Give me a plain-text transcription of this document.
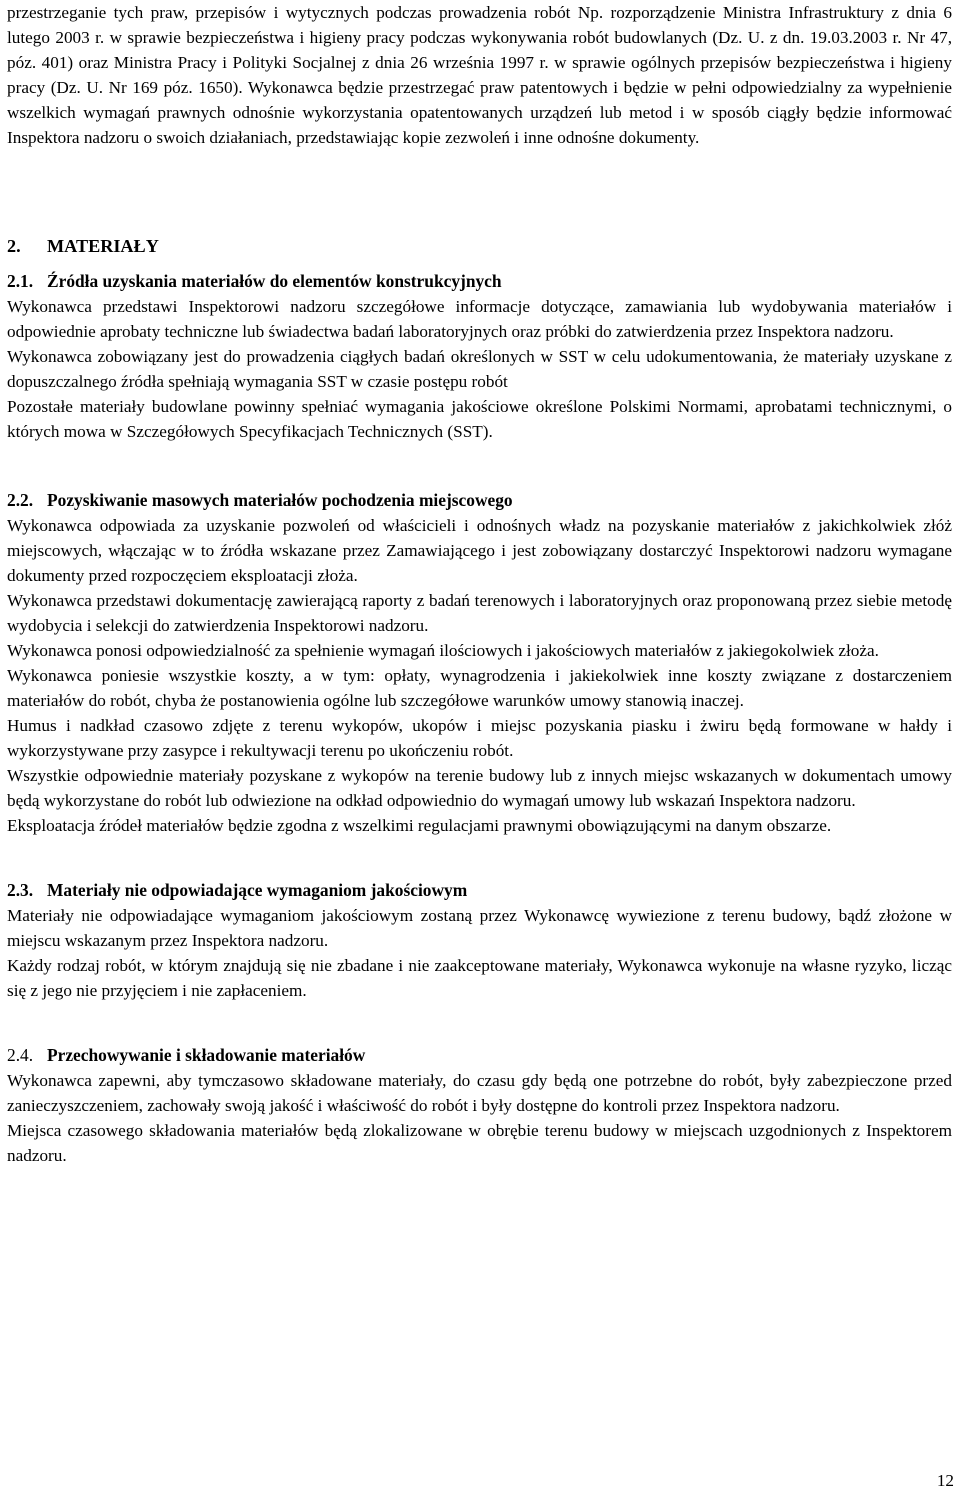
przestrzeganie tych praw, przepisów i wytycznych podczas prowadzenia robót Np. rozporządzenie Ministra Infrastruktury z dnia 6 lutego 2003 r. w sprawie bezpieczeństwa i higieny pracy podczas wykonywania robót budowlanych (Dz. U. z dn. 19.03.2003 r. Nr 47, póz. 401) oraz Ministra Pracy i Polityki Socjalnej z dnia 26 września 1997 r. w sprawie ogólnych przepisów bezpieczeństwa i higieny pracy (Dz. U. Nr 169 póz. 1650). Wykonawca będzie przestrzegać praw patentowych i będzie w pełni odpowiedzialny za wypełnienie wszelkich wymagań prawnych odnośnie wykorzystania opatentowanych urządzeń lub metod i w sposób ciągły będzie informować Inspektora nadzoru o swoich działaniach, przedstawiając kopie zezwoleń i inne odnośne dokumenty.

2. MATERIAŁY
2.1. Źródła uzyskania materiałów do elementów konstrukcyjnych

Wykonawca przedstawi Inspektorowi nadzoru szczegółowe informacje dotyczące, zamawiania lub wydobywania materiałów i odpowiednie aprobaty techniczne lub świadectwa badań laboratoryjnych oraz próbki do zatwierdzenia przez Inspektora nadzoru.

Wykonawca zobowiązany jest do prowadzenia ciągłych badań określonych w SST w celu udokumentowania, że materiały uzyskane z dopuszczalnego źródła spełniają wymagania SST w czasie postępu robót

Pozostałe materiały budowlane powinny spełniać wymagania jakościowe określone Polskimi Normami, aprobatami technicznymi, o których mowa w Szczegółowych Specyfikacjach Technicznych (SST).

2.2. Pozyskiwanie masowych materiałów pochodzenia miejscowego

Wykonawca odpowiada za uzyskanie pozwoleń od właścicieli i odnośnych władz na pozyskanie materiałów z jakichkolwiek złóż miejscowych, włączając w to źródła wskazane przez Zamawiającego i jest zobowiązany dostarczyć Inspektorowi nadzoru wymagane dokumenty przed rozpoczęciem eksploatacji złoża.

Wykonawca przedstawi dokumentację zawierającą raporty z badań terenowych i laboratoryjnych oraz proponowaną przez siebie metodę wydobycia i selekcji do zatwierdzenia Inspektorowi nadzoru.

Wykonawca ponosi odpowiedzialność za spełnienie wymagań ilościowych i jakościowych materiałów z jakiegokolwiek złoża.

Wykonawca poniesie wszystkie koszty, a w tym: opłaty, wynagrodzenia i jakiekolwiek inne koszty związane z dostarczeniem materiałów do robót, chyba że postanowienia ogólne lub szczegółowe warunków umowy stanowią inaczej.

Humus i nadkład czasowo zdjęte z terenu wykopów, ukopów i miejsc pozyskania piasku i żwiru będą formowane w hałdy i wykorzystywane przy zasypce i rekultywacji terenu po ukończeniu robót.

Wszystkie odpowiednie materiały pozyskane z wykopów na terenie budowy lub z innych miejsc wskazanych w dokumentach umowy będą wykorzystane do robót lub odwiezione na odkład odpowiednio do wymagań umowy lub wskazań Inspektora nadzoru.

Eksploatacja źródeł materiałów będzie zgodna z wszelkimi regulacjami prawnymi obowiązującymi na danym obszarze.

2.3. Materiały nie odpowiadające wymaganiom jakościowym

Materiały nie odpowiadające wymaganiom jakościowym zostaną przez Wykonawcę wywiezione z terenu budowy, bądź złożone w miejscu wskazanym przez Inspektora nadzoru.

Każdy rodzaj robót, w którym znajdują się nie zbadane i nie zaakceptowane materiały, Wykonawca wykonuje na własne ryzyko, licząc się z jego nie przyjęciem i nie zapłaceniem.

2.4. Przechowywanie i składowanie materiałów

Wykonawca zapewni, aby tymczasowo składowane materiały, do czasu gdy będą one potrzebne do robót, były zabezpieczone przed zanieczyszczeniem, zachowały swoją jakość i właściwość do robót i były dostępne do kontroli przez Inspektora nadzoru.

Miejsca czasowego składowania materiałów będą zlokalizowane w obrębie terenu budowy w miejscach uzgodnionych z Inspektorem nadzoru.

12
